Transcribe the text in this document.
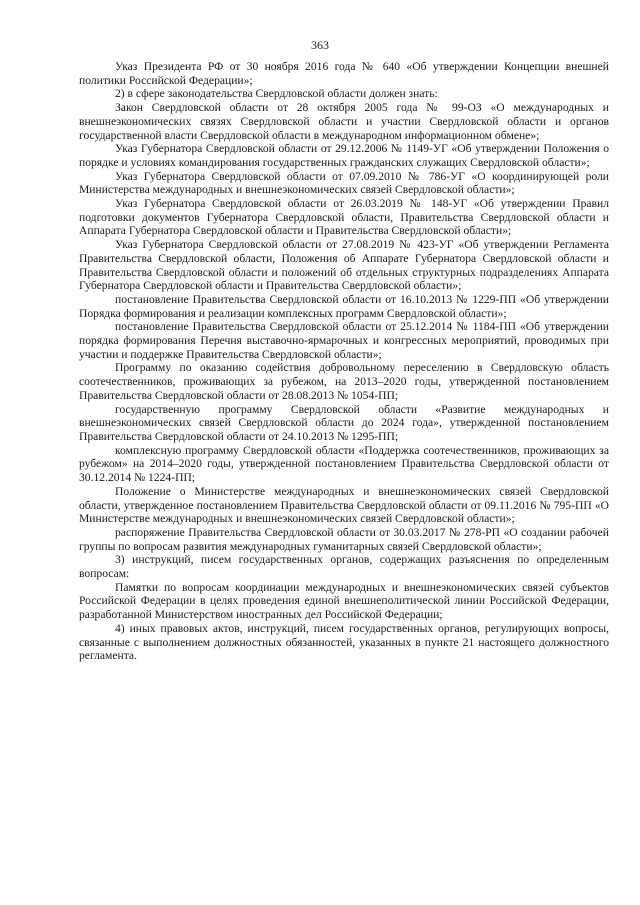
363

Указ Президента РФ от 30 ноября 2016 года № 640 «Об утверждении Концепции внешней политики Российской Федерации»;

2) в сфере законодательства Свердловской области должен знать:

Закон Свердловской области от 28 октября 2005 года № 99-ОЗ «О международных и внешнеэкономических связях Свердловской области и участии Свердловской области и органов государственной власти Свердловской области в международном информационном обмене»;

Указ Губернатора Свердловской области от 29.12.2006 № 1149-УГ «Об утверждении Положения о порядке и условиях командирования государственных гражданских служащих Свердловской области»;

Указ Губернатора Свердловской области от 07.09.2010 № 786-УГ «О координирующей роли Министерства международных и внешнеэкономических связей Свердловской области»;

Указ Губернатора Свердловской области от 26.03.2019 № 148-УГ «Об утверждении Правил подготовки документов Губернатора Свердловской области, Правительства Свердловской области и Аппарата Губернатора Свердловской области и Правительства Свердловской области»;

Указ Губернатора Свердловской области от 27.08.2019 № 423-УГ «Об утверждении Регламента Правительства Свердловской области, Положения об Аппарате Губернатора Свердловской области и Правительства Свердловской области и положений об отдельных структурных подразделениях Аппарата Губернатора Свердловской области и Правительства Свердловской области»;

постановление Правительства Свердловской области от 16.10.2013 № 1229-ПП «Об утверждении Порядка формирования и реализации комплексных программ Свердловской области»;

постановление Правительства Свердловской области от 25.12.2014 № 1184-ПП «Об утверждении порядка формирования Перечня выставочно-ярмарочных и конгрессных мероприятий, проводимых при участии и поддержке Правительства Свердловской области»;

Программу по оказанию содействия добровольному переселению в Свердловскую область соотечественников, проживающих за рубежом, на 2013–2020 годы, утвержденной постановлением Правительства Свердловской области от 28.08.2013 № 1054-ПП;

государственную программу Свердловской области «Развитие международных и внешнеэкономических связей Свердловской области до 2024 года», утвержденной постановлением Правительства Свердловской области от 24.10.2013 № 1295-ПП;

комплексную программу Свердловской области «Поддержка соотечественников, проживающих за рубежом» на 2014–2020 годы, утвержденной постановлением Правительства Свердловской области от 30.12.2014 № 1224-ПП;

Положение о Министерстве международных и внешнеэкономических связей Свердловской области, утвержденное постановлением Правительства Свердловской области от 09.11.2016 № 795-ПП «О Министерстве международных и внешнеэкономических связей Свердловской области»;

распоряжение Правительства Свердловской области от 30.03.2017 № 278-РП «О создании рабочей группы по вопросам развития международных гуманитарных связей Свердловской области»;

3) инструкций, писем государственных органов, содержащих разъяснения по определенным вопросам:

Памятки по вопросам координации международных и внешнеэкономических связей субъектов Российской Федерации в целях проведения единой внешнеполитической линии Российской Федерации, разработанной Министерством иностранных дел Российской Федерации;

4) иных правовых актов, инструкций, писем государственных органов, регулирующих вопросы, связанные с выполнением должностных обязанностей, указанных в пункте 21 настоящего должностного регламента.
